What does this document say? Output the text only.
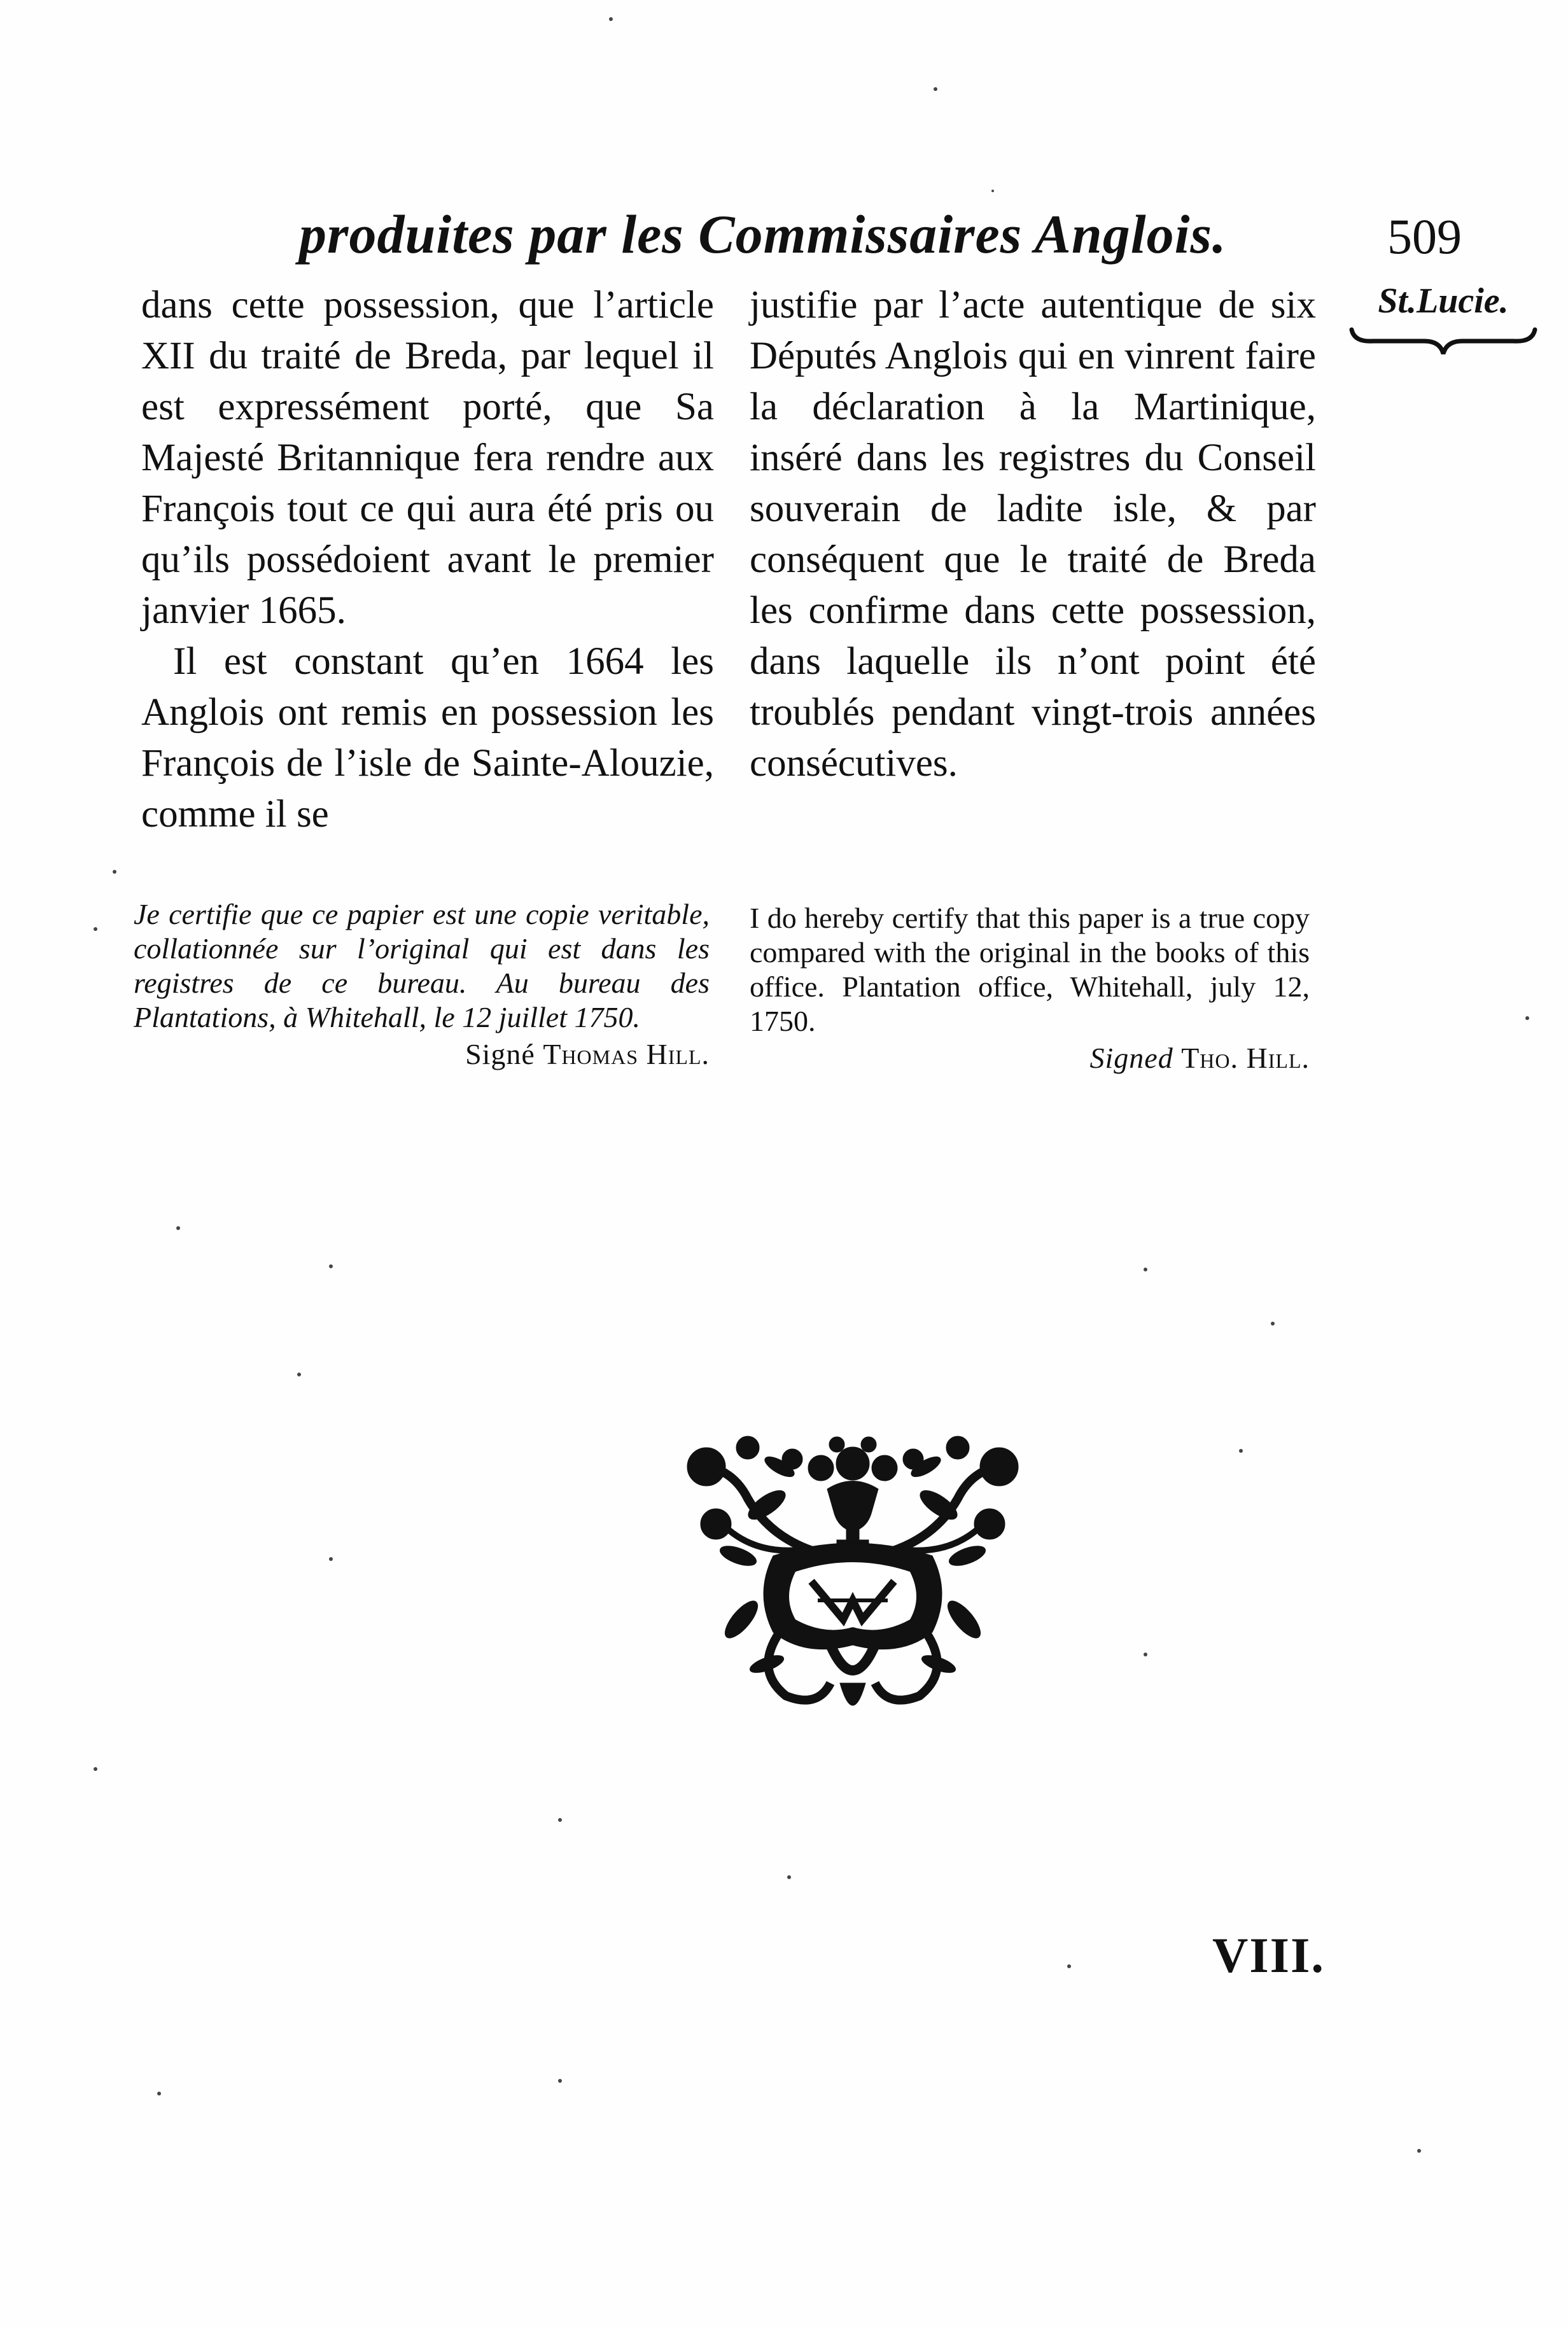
produites par les Commissaires Anglois.	509
St.Lucie.

dans cette possession, que l’article XII du traité de Breda, par lequel il est expressément porté, que Sa Majesté Britannique fera rendre aux François tout ce qui aura été pris ou qu’ils possédoient avant le premier janvier 1665.

Il est constant qu’en 1664 les Anglois ont remis en possession les François de l’isle de Sainte-Alouzie, comme il se

justifie par l’acte autentique de six Députés Anglois qui en vinrent faire la déclaration à la Martinique, inséré dans les registres du Conseil souverain de ladite isle, & par conséquent que le traité de Breda les confirme dans cette possession, dans laquelle ils n’ont point été troublés pendant vingt-trois années consécutives.

Je certifie que ce papier est une copie veritable, collationnée sur l’original qui est dans les registres de ce bureau. Au bureau des Plantations, à Whitehall, le 12 juillet 1750.

Signé Thomas Hill.

I do hereby certify that this paper is a true copy compared with the original in the books of this office. Plantation office, Whitehall, july 12, 1750.

Signed Tho. Hill.

VIII.
